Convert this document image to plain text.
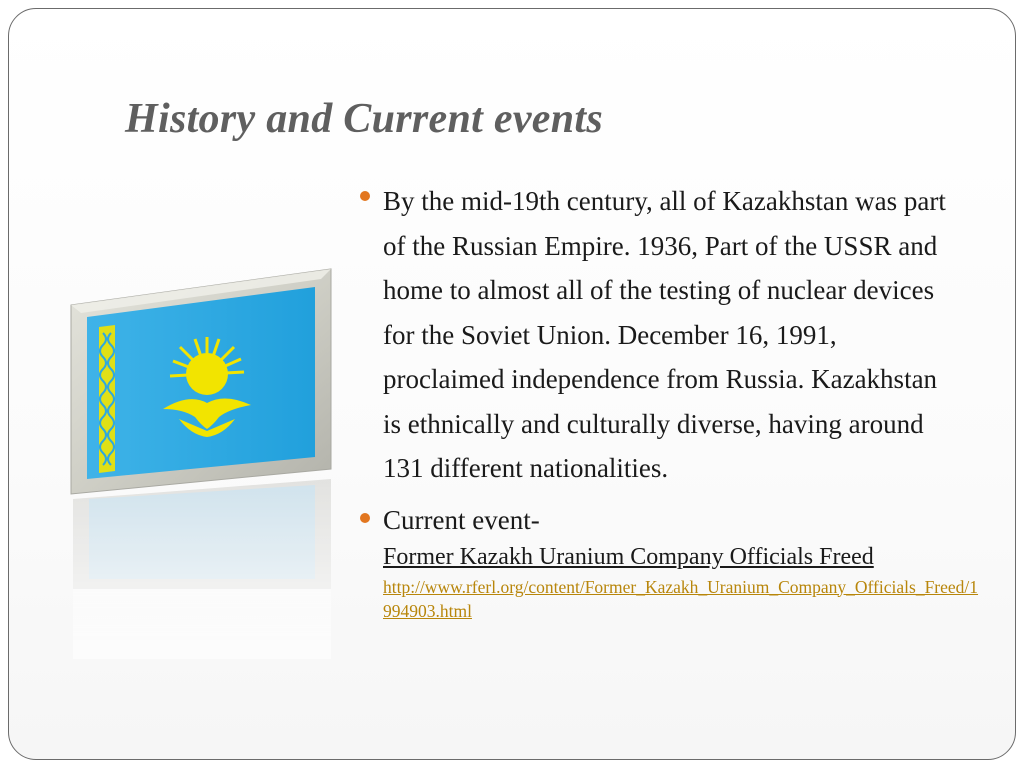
History and Current events
By the mid-19th century, all of Kazakhstan was part of the Russian Empire. 1936, Part of the USSR and home to almost all of the testing of nuclear devices for the Soviet Union. December 16, 1991, proclaimed independence from Russia. Kazakhstan is ethnically and culturally diverse, having around 131 different nationalities.
Current event-
Former Kazakh Uranium Company Officials Freed
http://www.rferl.org/content/Former_Kazakh_Uranium_Company_Officials_Freed/1994903.html
